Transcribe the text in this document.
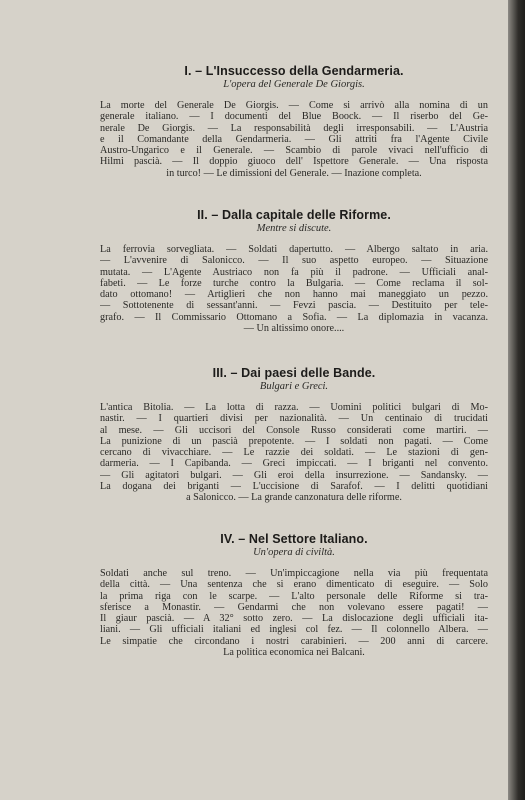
I. – L'Insuccesso della Gendarmeria.
L'opera del Generale De Giorgis.
La morte del Generale De Giorgis. — Come si arrivò alla nomina di un
generale italiano. — I documenti del Blue Boock. — Il riserbo del Ge-
nerale De Giorgis. — La responsabilità degli irresponsabili. — L'Austria
e il Comandante della Gendarmeria. — Gli attriti fra l'Agente Civile
Austro-Ungarico e il Generale. — Scambio di parole vivaci nell'ufficio di
Hilmi pascià. — Il doppio giuoco dell' Ispettore Generale. — Una risposta
in turco! — Le dimissioni del Generale. — Inazione completa.
II. – Dalla capitale delle Riforme.
Mentre si discute.
La ferrovia sorvegliata. — Soldati dapertutto. — Albergo saltato in aria.
— L'avvenire di Salonicco. — Il suo aspetto europeo. — Situazione
mutata. — L'Agente Austriaco non fa più il padrone. — Ufficiali anal-
fabeti. — Le forze turche contro la Bulgaria. — Come reclama il sol-
dato ottomano! — Artiglieri che non hanno mai maneggiato un pezzo.
— Sottotenente di sessant'anni. — Fevzi pascia. — Destituito per tele-
grafo. — Il Commissario Ottomano a Sofia. — La diplomazia in vacanza.
— Un altissimo onore....
III. – Dai paesi delle Bande.
Bulgari e Greci.
L'antica Bitolia. — La lotta di razza. — Uomini politici bulgari di Mo-
nastir. — I quartieri divisi per nazionalità. — Un centinaio di trucidati
al mese. — Gli uccisori del Console Russo considerati come martiri. —
La punizione di un pascià prepotente. — I soldati non pagati. — Come
cercano di vivacchiare. — Le razzie dei soldati. — Le stazioni di gen-
darmeria. — I Capibanda. — Greci impiccati. — I briganti nel convento.
— Gli agitatori bulgari. — Gli eroi della insurrezione. — Sandansky. —
La dogana dei briganti — L'uccisione di Sarafof. — I delitti quotidiani
a Salonicco. — La grande canzonatura delle riforme.
IV. – Nel Settore Italiano.
Un'opera di civiltà.
Soldati anche sul treno. — Un'impiccagione nella via più frequentata
della città. — Una sentenza che si erano dimenticato di eseguire. — Solo
la prima riga con le scarpe. — L'alto personale delle Riforme si tra-
sferisce a Monastir. — Gendarmi che non volevano essere pagati! —
Il giaur pascià. — A 32° sotto zero. — La dislocazione degli ufficiali ita-
liani. — Gli ufficiali italiani ed inglesi col fez. — Il colonnello Albera. —
Le simpatie che circondano i nostri carabinieri. — 200 anni di carcere.
La politica economica nei Balcani.
